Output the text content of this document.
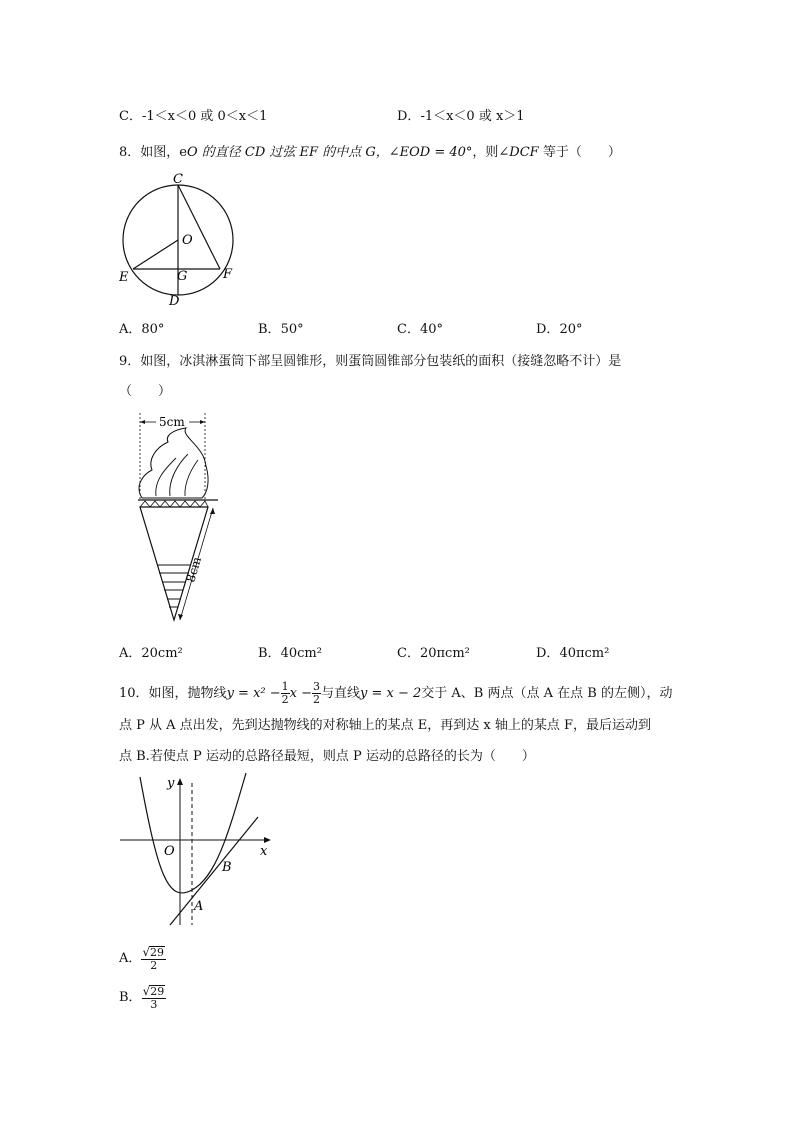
C．-1＜x＜0 或 0＜x＜1	D．-1＜x＜0 或 x＞1
8．如图，eO 的直径 CD 过弦 EF 的中点 G，∠EOD = 40°，则∠DCF 等于（　　）
C
O
E	G	F
D
A．80°	B．50°	C．40°	D．20°
9．如图，冰淇淋蛋筒下部呈圆锥形，则蛋筒圆锥部分包装纸的面积（接缝忽略不计）是
（　　）
5cm
8cm
A．20cm²	B．40cm²	C．20πcm²	D．40πcm²
10．如图，抛物线$y = x^2 - \frac{1}{2}$ $x - \frac{3}{2}$ 与直线y = x − 2交于 A、B 两点（点 A 在点 B 的左侧），动
点 P 从 A 点出发，先到达抛物线的对称轴上的某点 E，再到达 x 轴上的某点 F，最后运动到
点 B.若使点 P 运动的总路径最短，则点 P 运动的总路径的长为（　　）
x
y
O
A
B
A． $\frac{√29}{2}$
B． $\frac{√29}{3}$
